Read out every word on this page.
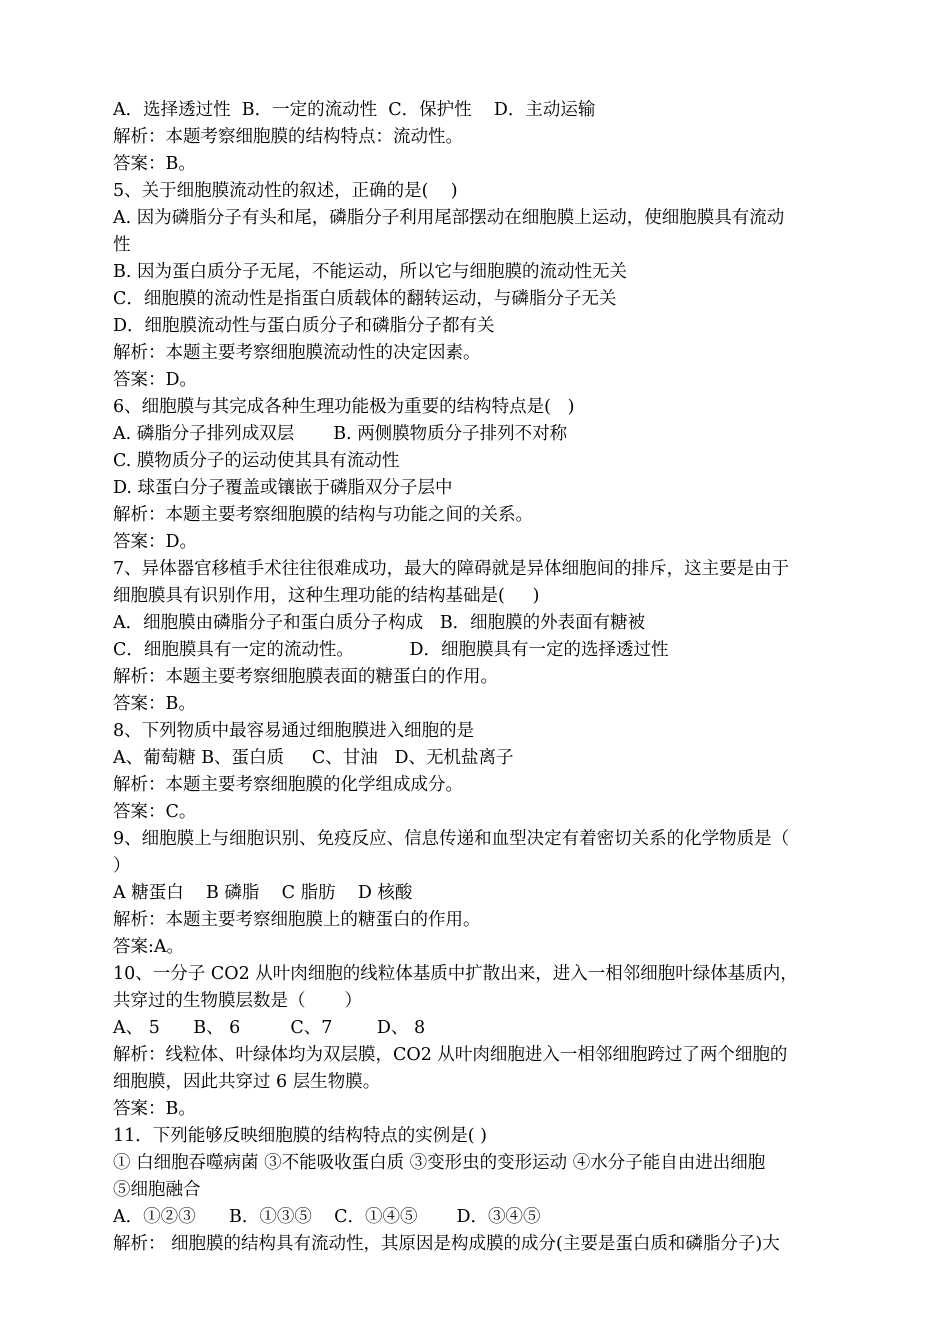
A．选择透过性  B．一定的流动性  C．保护性    D．主动运输
解析：本题考察细胞膜的结构特点：流动性。
答案：B。
5、关于细胞膜流动性的叙述，正确的是(    )
A. 因为磷脂分子有头和尾，磷脂分子利用尾部摆动在细胞膜上运动，使细胞膜具有流动
性
B. 因为蛋白质分子无尾，不能运动，所以它与细胞膜的流动性无关
C．细胞膜的流动性是指蛋白质载体的翻转运动，与磷脂分子无关
D．细胞膜流动性与蛋白质分子和磷脂分子都有关
解析：本题主要考察细胞膜流动性的决定因素。
答案：D。
6、细胞膜与其完成各种生理功能极为重要的结构特点是(   )
A. 磷脂分子排列成双层       B. 两侧膜物质分子排列不对称
C. 膜物质分子的运动使其具有流动性
D. 球蛋白分子覆盖或镶嵌于磷脂双分子层中
解析：本题主要考察细胞膜的结构与功能之间的关系。
答案：D。
7、异体器官移植手术往往很难成功，最大的障碍就是异体细胞间的排斥，这主要是由于
细胞膜具有识别作用，这种生理功能的结构基础是(     )
A．细胞膜由磷脂分子和蛋白质分子构成   B．细胞膜的外表面有糖被
C．细胞膜具有一定的流动性。          D．细胞膜具有一定的选择透过性
解析：本题主要考察细胞膜表面的糖蛋白的作用。
答案：B。
8、下列物质中最容易通过细胞膜进入细胞的是
A、葡萄糖 B、蛋白质     C、甘油   D、无机盐离子
解析：本题主要考察细胞膜的化学组成成分。
答案：C。
9、细胞膜上与细胞识别、免疫反应、信息传递和血型决定有着密切关系的化学物质是（
）
A 糖蛋白    B 磷脂    C 脂肪    D 核酸
解析：本题主要考察细胞膜上的糖蛋白的作用。
答案:A。
10、一分子 CO2 从叶肉细胞的线粒体基质中扩散出来，进入一相邻细胞叶绿体基质内，
共穿过的生物膜层数是（       ）
A、 5      B、 6         C、7        D、 8
解析：线粒体、叶绿体均为双层膜，CO2 从叶肉细胞进入一相邻细胞跨过了两个细胞的
细胞膜，因此共穿过 6 层生物膜。
答案：B。
11．下列能够反映细胞膜的结构特点的实例是( )
① 白细胞吞噬病菌 ③不能吸收蛋白质 ③变形虫的变形运动 ④水分子能自由进出细胞
⑤细胞融合
A．①②③      B．①③⑤    C．①④⑤       D．③④⑤
解析： 细胞膜的结构具有流动性，其原因是构成膜的成分(主要是蛋白质和磷脂分子)大
